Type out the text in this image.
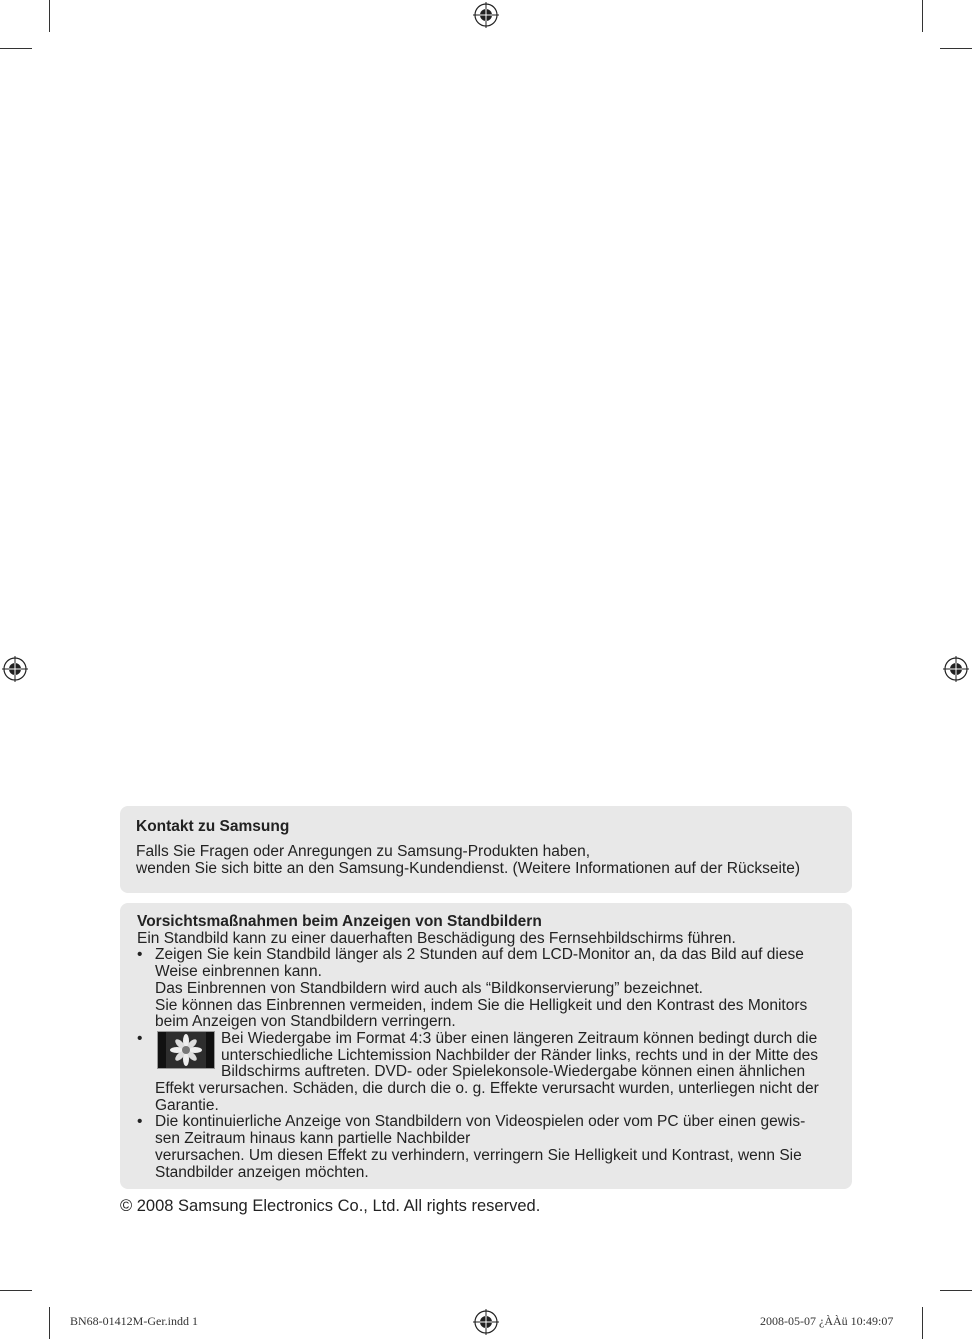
Kontakt zu Samsung
Falls Sie Fragen oder Anregungen zu Samsung-Produkten haben,
wenden Sie sich bitte an den Samsung-Kundendienst. (Weitere Informationen auf der Rückseite)
Vorsichtsmaßnahmen beim Anzeigen von Standbildern
Ein Standbild kann zu einer dauerhaften Beschädigung des Fernsehbildschirms führen.
• Zeigen Sie kein Standbild länger als 2 Stunden auf dem LCD-Monitor an, da das Bild auf diese
Weise einbrennen kann.
Das Einbrennen von Standbildern wird auch als “Bildkonservierung” bezeichnet.
Sie können das Einbrennen vermeiden, indem Sie die Helligkeit und den Kontrast des Monitors
beim Anzeigen von Standbildern verringern.
•	Bei Wiedergabe im Format 4:3 über einen längeren Zeitraum können bedingt durch die
unterschiedliche Lichtemission Nachbilder der Ränder links, rechts und in der Mitte des
Bildschirms auftreten. DVD- oder Spielekonsole-Wiedergabe können einen ähnlichen
Effekt verursachen. Schäden, die durch die o. g. Effekte verursacht wurden, unterliegen nicht der
Garantie.
• Die kontinuierliche Anzeige von Standbildern von Videospielen oder vom PC über einen gewis-
sen Zeitraum hinaus kann partielle Nachbilder
verursachen. Um diesen Effekt zu verhindern, verringern Sie Helligkeit und Kontrast, wenn Sie
Standbilder anzeigen möchten.
© 2008 Samsung Electronics Co., Ltd. All rights reserved.
BN68-01412M-Ger.indd 1	2008-05-07 ¿ÀÀü 10:49:07
